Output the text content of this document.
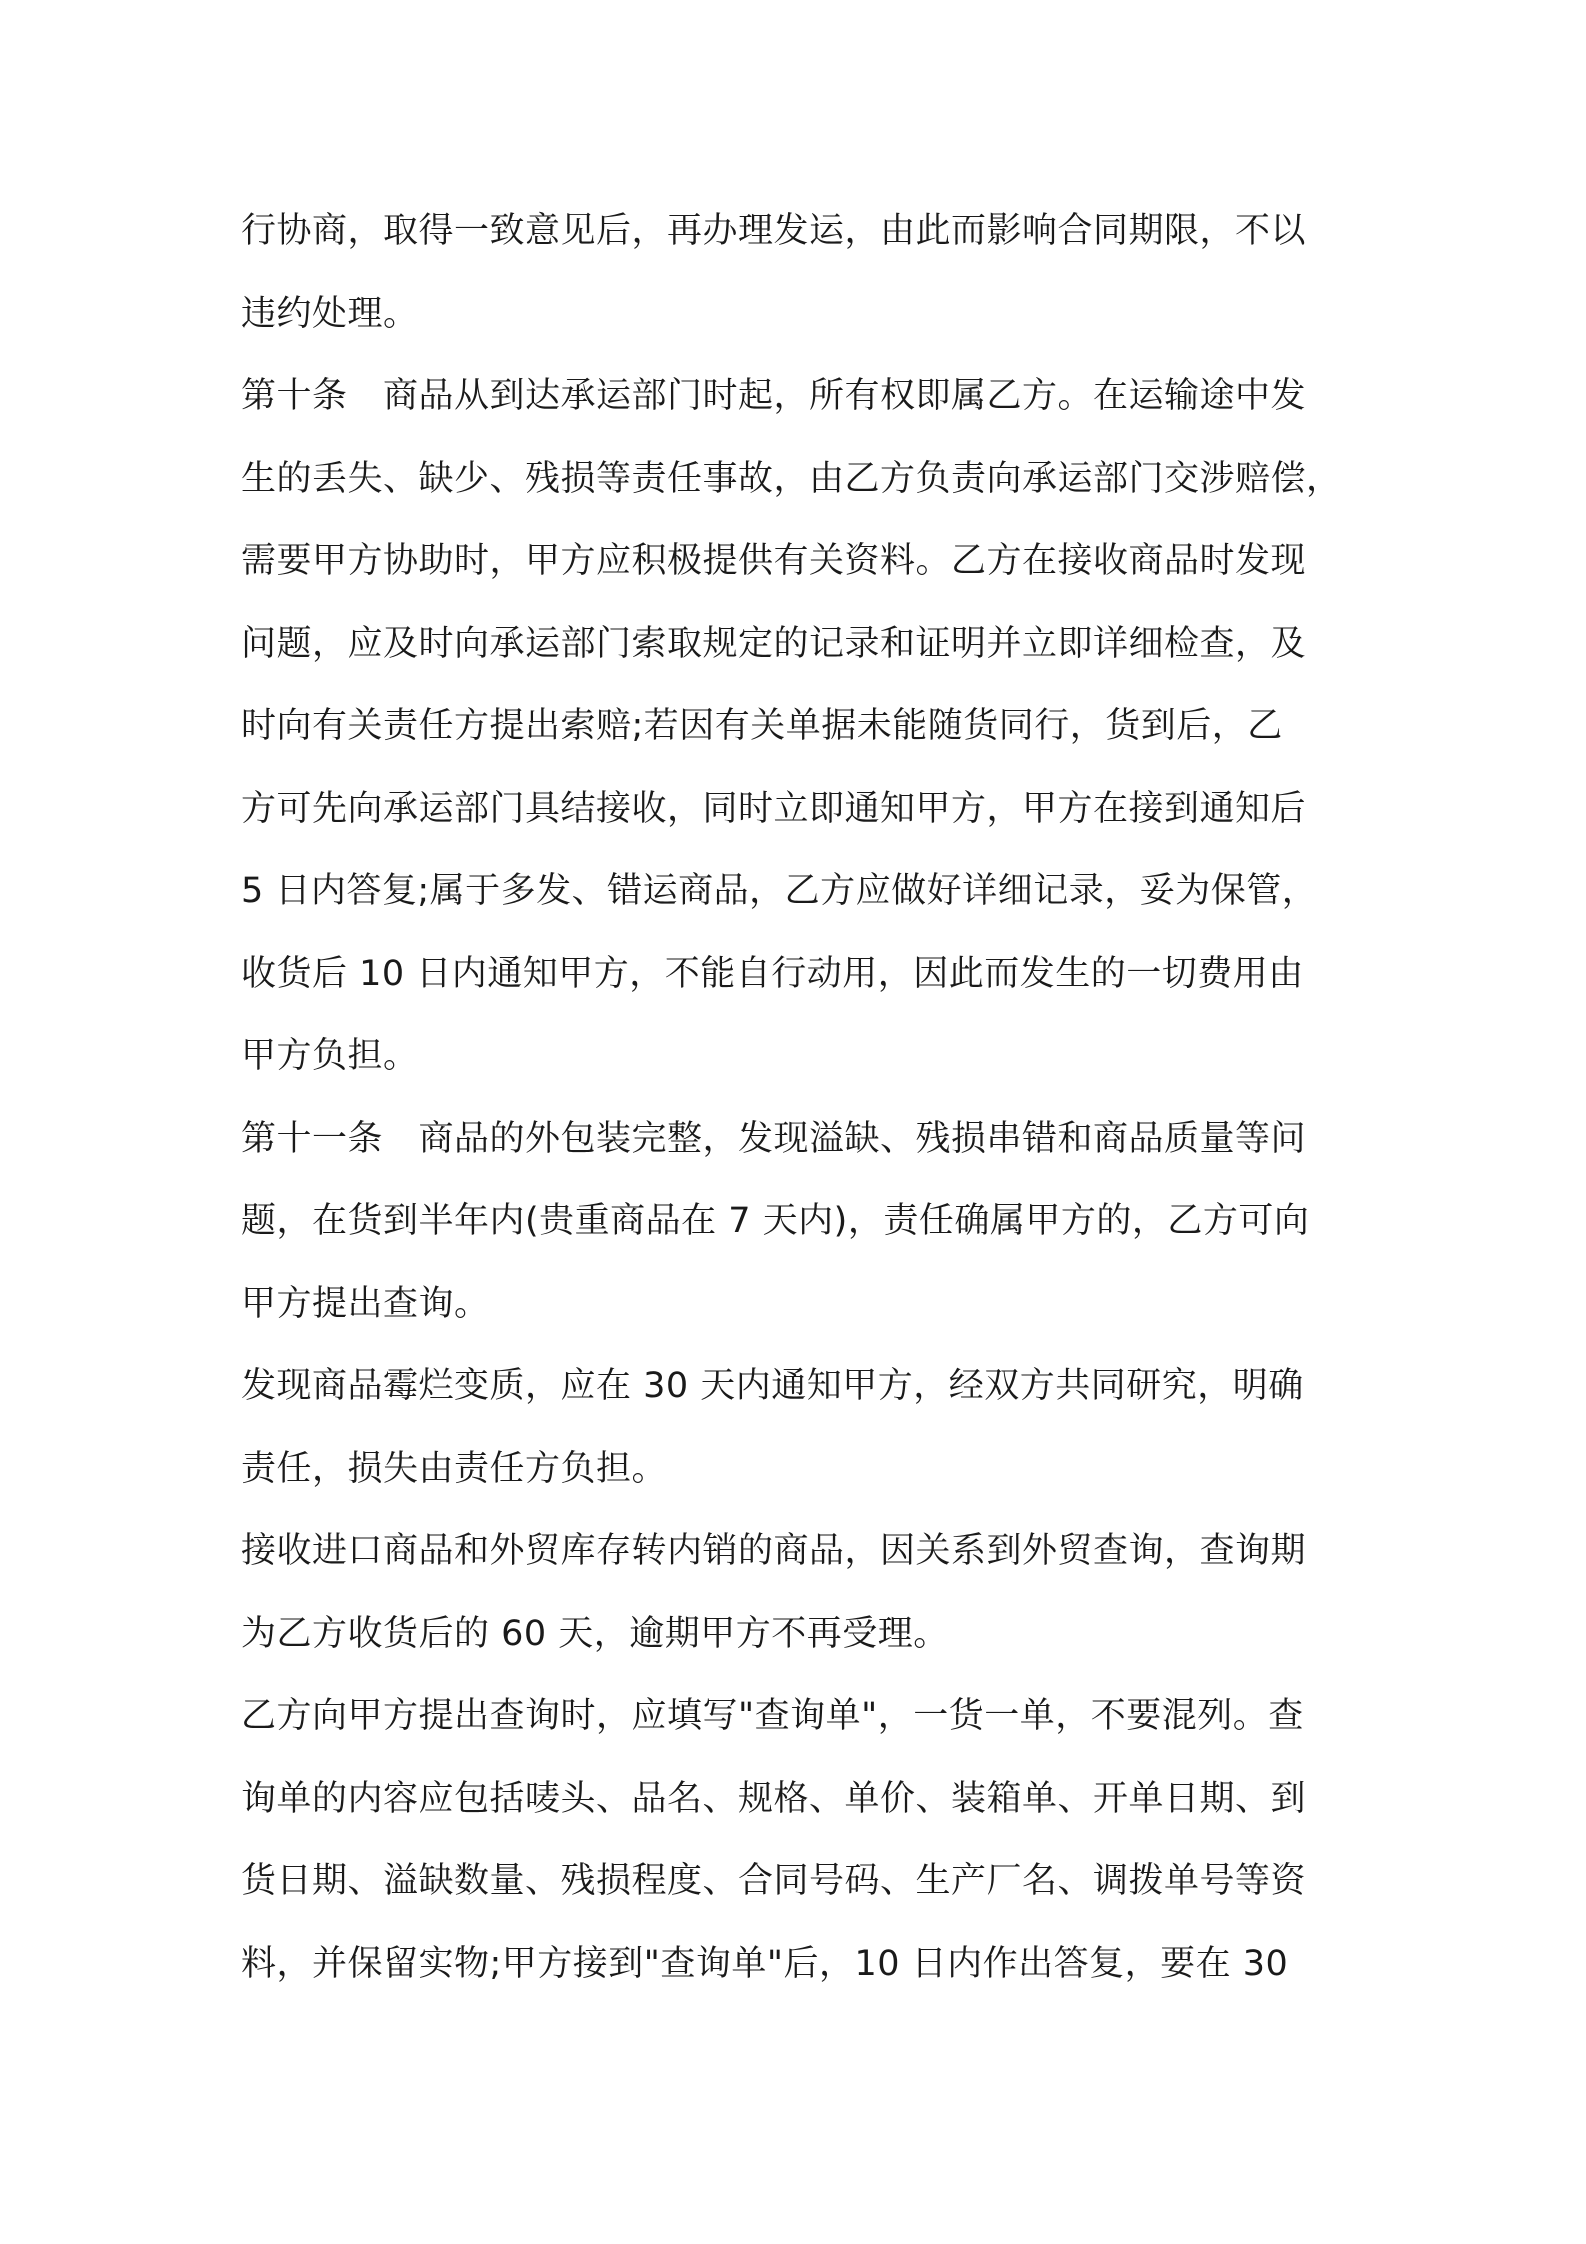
行协商，取得一致意见后，再办理发运，由此而影响合同期限，不以
违约处理。
第十条　商品从到达承运部门时起，所有权即属乙方。在运输途中发
生的丢失、缺少、残损等责任事故，由乙方负责向承运部门交涉赔偿，
需要甲方协助时，甲方应积极提供有关资料。乙方在接收商品时发现
问题，应及时向承运部门索取规定的记录和证明并立即详细检查，及
时向有关责任方提出索赔;若因有关单据未能随货同行，货到后，乙
方可先向承运部门具结接收，同时立即通知甲方，甲方在接到通知后
5 日内答复;属于多发、错运商品，乙方应做好详细记录，妥为保管，
收货后 10 日内通知甲方，不能自行动用，因此而发生的一切费用由
甲方负担。
第十一条　商品的外包装完整，发现溢缺、残损串错和商品质量等问
题，在货到半年内(贵重商品在 7 天内)，责任确属甲方的，乙方可向
甲方提出查询。
发现商品霉烂变质，应在 30 天内通知甲方，经双方共同研究，明确
责任，损失由责任方负担。
接收进口商品和外贸库存转内销的商品，因关系到外贸查询，查询期
为乙方收货后的 60 天，逾期甲方不再受理。
乙方向甲方提出查询时，应填写"查询单"，一货一单，不要混列。查
询单的内容应包括唛头、品名、规格、单价、装箱单、开单日期、到
货日期、溢缺数量、残损程度、合同号码、生产厂名、调拨单号等资
料，并保留实物;甲方接到"查询单"后，10 日内作出答复，要在 30
